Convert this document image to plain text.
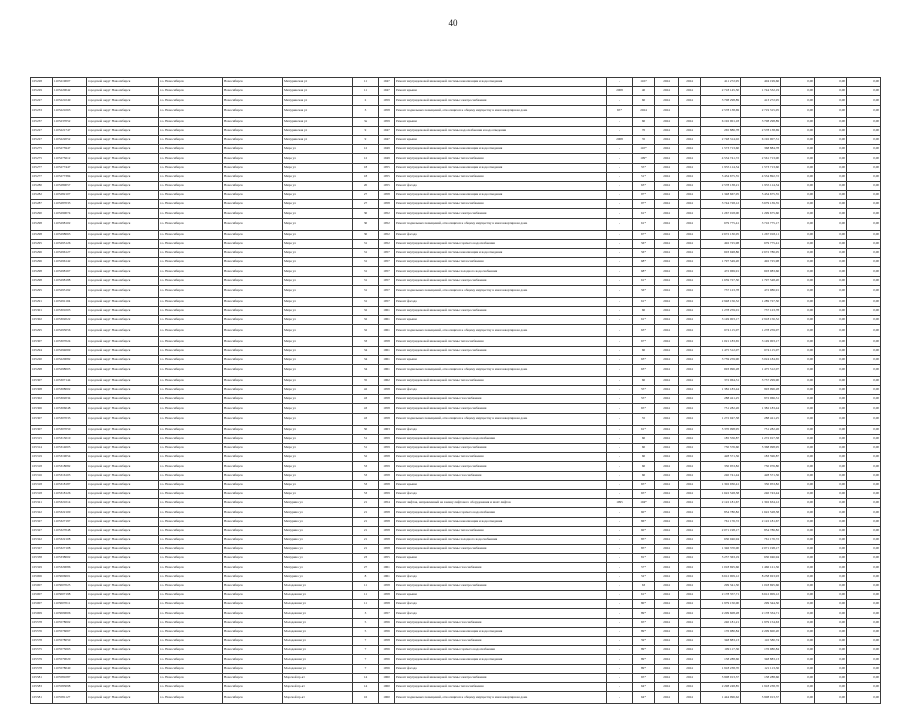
40
105228	1105219007	городской округ Новосибирск	г.о. Новосибирск	Новосибирск	Мичуринская ул	11	1947	Ремонт внутридомовой инженерной системы канализации и водоотведения	-	1167	2024	2024	411 272,95	404 199,66	0,00	0,00	0,00
105229	1105220042	городской округ Новосибирск	г.о. Новосибирск	Новосибирск	Мичуринская ул	11	1947	Ремонт крыши	2008	40	2024	2024	2 718 145,50	1 744 532,19	0,00	0,00	0,00
105227	1105221049	городской округ Новосибирск	г.о. Новосибирск	Новосибирск	Мичуринская ул	2	1959	Ремонт внутридомовой инженерной системы электроснабжения	-	60	2024	2024	3 708 298,89	413 272,95	0,00	0,00	0,00
105233	1105221063	городской округ Новосибирск	г.о. Новосибирск	Новосибирск	Мичуринская ул	3	1958	Ремонт подвальных помещений, относящихся к общему имуществу в многоквартирном доме	65*	2024	2024		2 578 138,69	2 719 315,05	0,00	0,00	0,00
105237	1105237052	городской округ Новосибирск	г.о. Новосибирск	Новосибирск	Мичуринская ул	3a	1959	Ремонт крыши	-	60	2024	2024	6 192 901,18	3 708 298,89	0,00	0,00	0,00
105227	1105221747	городской округ Новосибирск	г.о. Новосибирск	Новосибирск	Мичуринская ул	9	1947	Ремонт внутридомовой инженерной системы водоснабжения и водоотведения	-	70	2024	2024	265 886,78	2 578 138,69	0,00	0,00	0,00
105227	1105222052	городской округ Новосибирск	г.о. Новосибирск	Новосибирск	Мичуринская ул	9	1947	Ремонт крыши	2008	35	2024	2024	2 748 314,02	6 192 907,31	0,00	0,00	0,00
105275	1105275947	городской округ Новосибирск	г.о. Новосибирск	Новосибирск	Мира ул	12	1949	Ремонт внутридомовой инженерной системы канализации и водоотведения	-	110*	2024	2024	1 573 713,60	368 884,78	0,00	0,00	0,00
105275	1105275612	городской округ Новосибирск	г.о. Новосибирск	Новосибирск	Мира ул	12	1949	Ремонт внутридомовой инженерной системы теплоснабжения	-	109*	2024	2024	4 534 741,72	2 561 713,00	0,00	0,00	0,00
105277	1105277447	городской округ Новосибирск	г.о. Новосибирск	Новосибирск	Мира ул	18	1955	Ремонт внутридомовой инженерной системы канализации и водоотведения	-	55*	2024	2024	1 955 114,54	1 573 713,60	0,00	0,00	0,00
105277	1105277384	городской округ Новосибирск	г.о. Новосибирск	Новосибирск	Мира ул	18	1955	Ремонт внутридомовой инженерной системы теплоснабжения	-	51*	2024	2024	5 434 675,55	4 534 892,72	0,00	0,00	0,00
105280	1105280057	городской округ Новосибирск	г.о. Новосибирск	Новосибирск	Мира ул	20	1955	Ремонт фасада	-	63*	2024	2024	2 578 138,21	1 955 114,54	0,00	0,00	0,00
105282	1105282107	городской округ Новосибирск	г.о. Новосибирск	Новосибирск	Мира ул	27	1958	Ремонт внутридомовой инженерной системы канализации и водоотведения	-	97*	2024	2024	1 348 667,05	5 434 675,55	0,00	0,00	0,00
105287	1105287033	городской округ Новосибирск	г.о. Новосибирск	Новосибирск	Мира ул	27	1958	Ремонт внутридомовой инженерной системы теплоснабжения	-	97*	2024	2024	3 744 728,12	3 679 139,35	0,00	0,00	0,00
105290	1105290074	городской округ Новосибирск	г.о. Новосибирск	Новосибирск	Мира ул	30	1952	Ремонт внутридомовой инженерной системы электроснабжения	-	61*	2024	2024	1 267 018,00	1 299 675,60	0,00	0,00	0,00
105298	1105298102	городской округ Новосибирск	г.о. Новосибирск	Новосибирск	Мира ул	30	1952	Ремонт подвальных помещений, относящихся к общему имуществу в многоквартирном доме	-	61*	2024	2024	679 775,41	3 716 775,17	0,00	0,00	0,00
105298	1105298063	городской округ Новосибирск	г.о. Новосибирск	Новосибирск	Мира ул	30	1952	Ремонт фасада	-	67*	2024	2024	2 672 130,05	1 267 018,11	0,00	0,00	0,00
105295	1105295126	городской округ Новосибирск	г.о. Новосибирск	Новосибирск	Мира ул	31	1952	Ремонт внутридомовой инженерной системы горячего водоснабжения	-	56*	2024	2024	492 725,98	679 775,41	0,00	0,00	0,00
105296	1105296127	городской округ Новосибирск	г.о. Новосибирск	Новосибирск	Мира ул	31	1957	Ремонт внутридомовой инженерной системы канализации и водоотведения	-	56*	2024	2024	603 948,86	2 672 786,05	0,00	0,00	0,00
105296	1105296142	городской округ Новосибирск	г.о. Новосибирск	Новосибирск	Мира ул	31	1957	Ремонт внутридомовой инженерной системы теплоснабжения	-	68*	2024	2024	1 797 549,20	492 725,98	0,00	0,00	0,00
105298	1105298167	городской округ Новосибирск	г.о. Новосибирск	Новосибирск	Мира ул	31	1957	Ремонт внутридомовой инженерной системы холодного водоснабжения	-	68*	2024	2024	472 969,91	603 983,66	0,00	0,00	0,00
105298	1105298188	городской округ Новосибирск	г.о. Новосибирск	Новосибирск	Мира ул	31	1957	Ремонт внутридомовой инженерной системы электроснабжения	-	61*	2024	2024	1 659 727,50	1 797 548,20	0,00	0,00	0,00
105295	1105295192	городской округ Новосибирск	г.о. Новосибирск	Новосибирск	Мира ул	31	1957	Ремонт подвальных помещений, относящихся к общему имуществу в многоквартирном доме	-	56*	2024	2024	737 123,78	472 986,91	0,00	0,00	0,00
105291	1105291104	городской округ Новосибирск	г.о. Новосибирск	Новосибирск	Мира ул	31	1957	Ремонт фасада	-	61*	2024	2024	2 948 156,52	1 289 727,50	0,00	0,00	0,00
105301	1105301003	городской округ Новосибирск	г.о. Новосибирск	Новосибирск	Мира ул	32	1961	Ремонт внутридомовой инженерной системы электроснабжения	-	60	2024	2024	1 278 259,01	737 123,78	0,00	0,00	0,00
105302	1105302022	городской округ Новосибирск	г.о. Новосибирск	Новосибирск	Мира ул	32	1961	Ремонт крыши	-	61*	2024	2024	3 149 003,17	2 918 156,52	0,00	0,00	0,00
105295	1105295056	городской округ Новосибирск	г.о. Новосибирск	Новосибирск	Мира ул	32	1961	Ремонт подвальных помещений, относящихся к общему имуществу в многоквартирном доме	-	63*	2024	2024	674 115,07	1 278 259,07	0,00	0,00	0,00
105307	1105307024	городской округ Новосибирск	г.о. Новосибирск	Новосибирск	Мира ул	33	1958	Ремонт внутридомовой инженерной системы теплоснабжения	-	67*	2024	2024	1 021 183,65	3 149 003,17	0,00	0,00	0,00
105294	1105294069	городской округ Новосибирск	г.о. Новосибирск	Новосибирск	Мира ул	34	1961	Ремонт внутридомовой инженерной системы электроснабжения	-	60	2024	2024	1 475 512,07	674 115,07	0,00	0,00	0,00
105220	1105220082	городской округ Новосибирск	г.о. Новосибирск	Новосибирск	Мира ул	34	1961	Ремонт крыши	-	63*	2024	2024	3 759 259,90	3 024 184,65	0,00	0,00	0,00
105298	1105298005	городской округ Новосибирск	г.о. Новосибирск	Новосибирск	Мира ул	34	1961	Ремонт подвальных помещений, относящихся к общему имуществу в многоквартирном доме	-	63*	2024	2024	693 996,28	1 475 512,07	0,00	0,00	0,00
105307	1105307144	городской округ Новосибирск	г.о. Новосибирск	Новосибирск	Мира ул	35	1962	Ремонт внутридомовой инженерной системы теплоснабжения	-	60	2024	2024	372 064,31	3 757 299,90	0,00	0,00	0,00
105308	1105308002	городской округ Новосибирск	г.о. Новосибирск	Новосибирск	Мира ул	42	1958	Ремонт фасада	-	55*	2024	2024	1 382 183,44	993 996,28	0,00	0,00	0,00
105302	1105302034	городской округ Новосибирск	г.о. Новосибирск	Новосибирск	Мира ул	43	1958	Ремонт внутридомовой инженерной системы газоснабжения	-	55*	2024	2024	288 421,25	972 066,31	0,00	0,00	0,00
105306	1105306048	городской округ Новосибирск	г.о. Новосибирск	Новосибирск	Мира ул	43	1958	Ремонт внутридомовой инженерной системы электроснабжения	-	65*	2024	2024	751 282,26	1 382 183,44	0,00	0,00	0,00
105307	1105307033	городской округ Новосибирск	г.о. Новосибирск	Новосибирск	Мира ул	43	1958	Ремонт подвальных помещений, относящихся к общему имуществу в многоквартирном доме	-	55	2024	2024	1 272 047,58	288 421,25	0,00	0,00	0,00
105307	1105307050	городской округ Новосибирск	г.о. Новосибирск	Новосибирск	Мира ул	50	1963	Ремонт фасада	-	61*	2024	2024	5 370 098,95	751 282,26	0,00	0,00	0,00
105315	1105315010	городской округ Новосибирск	г.о. Новосибирск	Новосибирск	Мира ул	51	1959	Ремонт внутридомовой инженерной системы горячего водоснабжения	-	60	2024	2024	185 556,87	1 272 017,58	0,00	0,00	0,00
105314	1105314005	городской округ Новосибирск	г.о. Новосибирск	Новосибирск	Мира ул	51	1959	Ремонт внутридомовой инженерной системы электроснабжения	-	60	2024	2024	750 576,60	5 368 098,95	0,00	0,00	0,00
105319	1105319054	городской округ Новосибирск	г.о. Новосибирск	Новосибирск	Мира ул	52	1958	Ремонт внутридомовой инженерной системы теплоснабжения	-	60	2024	2024	428 571,56	183 596,87	0,00	0,00	0,00
105318	1105318082	городской округ Новосибирск	г.о. Новосибирск	Новосибирск	Мира ул	53	1959	Ремонт внутридомовой инженерной системы электроснабжения	-	60	2024	2024	350 953,82	750 076,80	0,00	0,00	0,00
105316	1105316103	городской округ Новосибирск	г.о. Новосибирск	Новосибирск	Мира ул	53	1958	Ремонт внутридомовой инженерной системы газоснабжения	-	60	2024	2024	240 741,44	428 571,56	0,00	0,00	0,00
105318	1105318187	городской округ Новосибирск	г.о. Новосибирск	Новосибирск	Мира ул	53	1958	Ремонт крыши	-	65*	2024	2024	1 302 930,41	350 953,82	0,00	0,00	0,00
105318	1105318126	городской округ Новосибирск	г.о. Новосибирск	Новосибирск	Мира ул	53	1959	Ремонт фасада	-	65*	2024	2024	1 622 528,58	240 743,44	0,00	0,00	0,00
105321	1105321014	городской округ Новосибирск	г.о. Новосибирск	Новосибирск	Мичурина ул	21	1954	Ремонт лифтов, направленный на замену лифтового оборудования и шахт лифтов	1995	104*	2024	2024	2 122 181,67	1 302 634,12	0,00	0,00	0,00
105322	1105322100	городской округ Новосибирск	г.о. Новосибирск	Новосибирск	Мичурина ул	21	1958	Ремонт внутридомовой инженерной системы горячего водоснабжения	-	60*	2024	2024	854 780,82	1 622 528,58	0,00	0,00	0,00
105327	1105327197	городской округ Новосибирск	г.о. Новосибирск	Новосибирск	Мичурина ул	21	1958	Ремонт внутридомовой инженерной системы канализации и водоотведения	-	86*	2024	2024	761 176,72	2 122 181,67	0,00	0,00	0,00
105327	1105327048	городской округ Новосибирск	г.о. Новосибирск	Новосибирск	Мичурина ул	21	1958	Ремонт внутридомовой инженерной системы теплоснабжения	-	60*	2024	2024	2 071 198,17	854 786,82	0,00	0,00	0,00
105322	1105322108	городской округ Новосибирск	г.о. Новосибирск	Новосибирск	Мичурина ул	21	1958	Ремонт внутридомовой инженерной системы холодного водоснабжения	-	85*	2024	2024	630 046,94	761 176,72	0,00	0,00	0,00
105327	1105327108	городской округ Новосибирск	г.о. Новосибирск	Новосибирск	Мичурина ул	21	1958	Ремонт внутридомовой инженерной системы электроснабжения	-	85*	2024	2024	1 346 370,00	2 071 198,17	0,00	0,00	0,00
105338	1105338002	городской округ Новосибирск	г.о. Новосибирск	Новосибирск	Мичурина ул	23	1955	Ремонт крыши	-	81*	2024	2024	5 257 363,19	630 046,94	0,00	0,00	0,00
105329	1105329086	городской округ Новосибирск	г.о. Новосибирск	Новосибирск	Мичурина ул	27	1961	Ремонт внутридомовой инженерной системы газоснабжения	-	57*	2024	2024	1 018 695,66	1 466 121,56	0,00	0,00	0,00
105006	1105006001	городской округ Новосибирск	г.о. Новосибирск	Новосибирск	Мичурина ул	8	1961	Ремонт фасада	-	52*	2024	2024	6 612 909,12	8 258 923,93	0,00	0,00	0,00
105007	1105007025	городской округ Новосибирск	г.о. Новосибирск	Новосибирск	Молодежная ул	11	1958	Ремонт внутридомовой инженерной системы электроснабжения	-	63	2024	2024	299 341,50	1 018 695,66	0,00	0,00	0,00
105007	1105007198	городской округ Новосибирск	г.о. Новосибирск	Новосибирск	Молодежная ул	11	1958	Ремонт крыши	-	61*	2024	2024	2 178 357,71	6 612 909,12	0,00	0,00	0,00
105007	1105007011	городской округ Новосибирск	г.о. Новосибирск	Новосибирск	Молодежная ул	11	1958	Ремонт фасада	-	80*	2024	2024	1 979 150,00	299 344,50	0,00	0,00	0,00
105009	1105009006	городской округ Новосибирск	г.о. Новосибирск	Новосибирск	Молодежная ул	3	1957	Ремонт фасада	-	89*	2024	2024	2 209 608,28	2 178 334,71	0,00	0,00	0,00
105578	1105578002	городской округ Новосибирск	г.о. Новосибирск	Новосибирск	Молодежная ул	5	1956	Ремонт внутридомовой инженерной системы газоснабжения	-	65*	2024	2024	240 181,21	1 979 154,63	0,00	0,00	0,00
105576	1105576067	городской округ Новосибирск	г.о. Новосибирск	Новосибирск	Молодежная ул	5	1956	Ремонт внутридомовой инженерной системы канализации и водоотведения	-	89*	2024	2024	176 980,84	2 209 600,20	0,00	0,00	0,00
105578	1105578050	городской округ Новосибирск	г.о. Новосибирск	Новосибирск	Молодежная ул	7	1958	Ремонт внутридомовой инженерной системы газоснабжения	-	59*	2024	2024	348 883,13	110 580,74	0,00	0,00	0,00
105575	1105575063	городской округ Новосибирск	г.о. Новосибирск	Новосибирск	Молодежная ул	7	1956	Ремонт внутридомовой инженерной системы горячего водоснабжения	-	89*	2024	2024	109 117,36	176 980,84	0,00	0,00	0,00
105579	1105579020	городской округ Новосибирск	г.о. Новосибирск	Новосибирск	Молодежная ул	7	1956	Ремонт внутридомовой инженерной системы канализации и водоотведения	-	89*	2024	2024	138 288,66	348 883,13	0,00	0,00	0,00
105578	1105578040	городской округ Новосибирск	г.о. Новосибирск	Новосибирск	Молодежная ул	7	1956	Ремонт фасада	-	89*	2024	2024	1 918 238,70	121 113,36	0,00	0,00	0,00
105581	1105581087	городской округ Новосибирск	г.о. Новосибирск	Новосибирск	Морской пр-кт	14	1960	Ремонт внутридомовой инженерной системы электроснабжения	-	65*	2024	2024	5 908 013,37	138 288,66	0,00	0,00	0,00
105583	1105583098	городской округ Новосибирск	г.о. Новосибирск	Новосибирск	Морской пр-кт	14	1960	Ремонт внутридомовой инженерной системы теплоснабжения	-	64*	2024	2024	2 298 248,85	1 918 238,70	0,00	0,00	0,00
105581	1105581127	городской округ Новосибирск	г.о. Новосибирск	Новосибирск	Морской пр-кт	16	1960	Ремонт подвальных помещений, относящихся к общему имуществу в многоквартирном доме	-	64*	2024	2024	1 444 996,62	5 908 013,37	0,00	0,00	0,00
